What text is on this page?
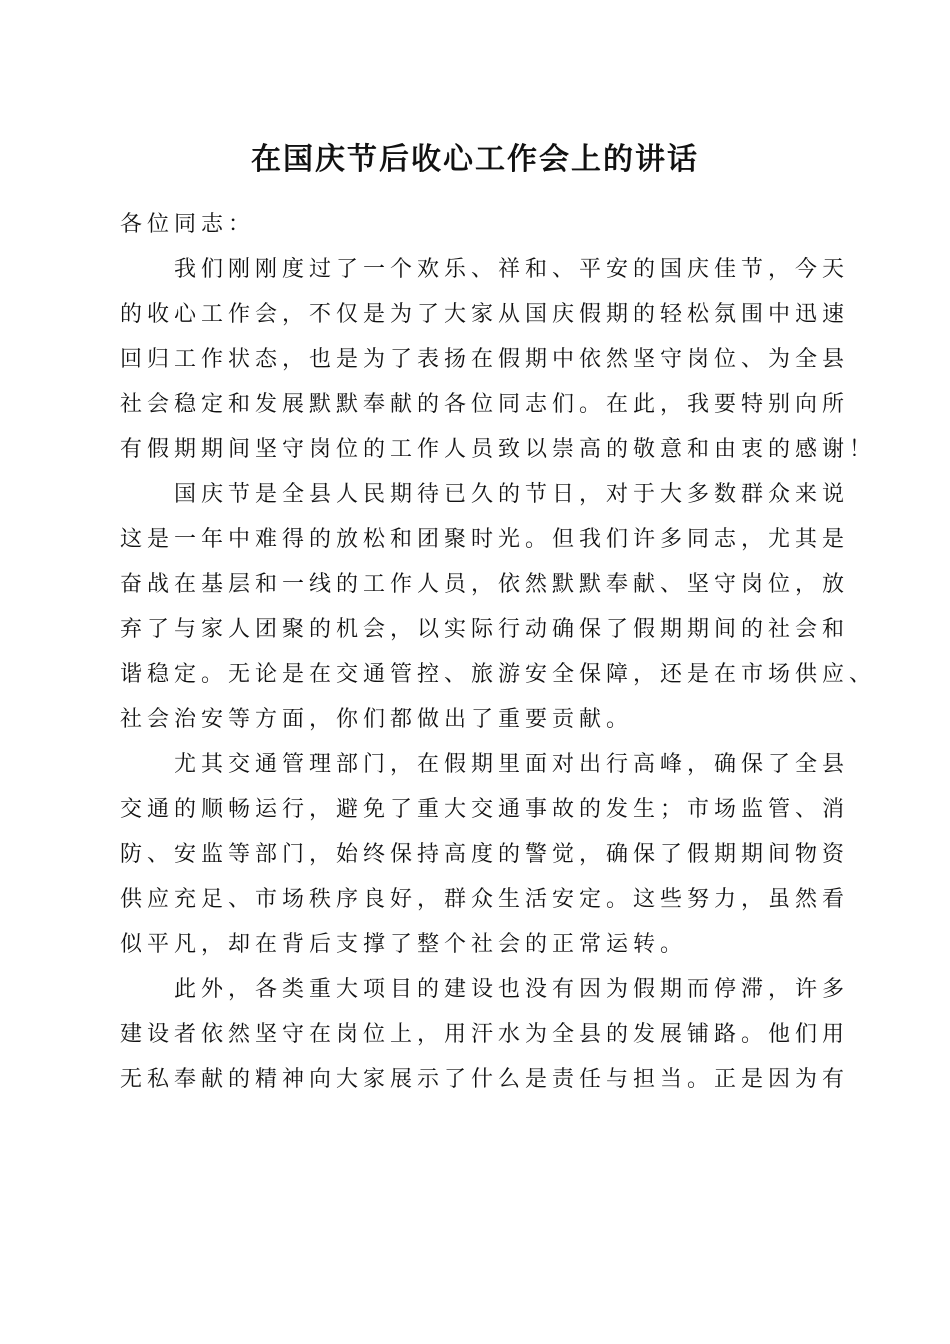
在国庆节后收心工作会上的讲话
各位同志：
我们刚刚度过了一个欢乐、祥和、平安的国庆佳节，今天
的收心工作会，不仅是为了大家从国庆假期的轻松氛围中迅速
回归工作状态，也是为了表扬在假期中依然坚守岗位、为全县
社会稳定和发展默默奉献的各位同志们。在此，我要特别向所
有假期期间坚守岗位的工作人员致以崇高的敬意和由衷的感谢！
国庆节是全县人民期待已久的节日，对于大多数群众来说
这是一年中难得的放松和团聚时光。但我们许多同志，尤其是
奋战在基层和一线的工作人员，依然默默奉献、坚守岗位，放
弃了与家人团聚的机会，以实际行动确保了假期期间的社会和
谐稳定。无论是在交通管控、旅游安全保障，还是在市场供应、
社会治安等方面，你们都做出了重要贡献。
尤其交通管理部门，在假期里面对出行高峰，确保了全县
交通的顺畅运行，避免了重大交通事故的发生；市场监管、消
防、安监等部门，始终保持高度的警觉，确保了假期期间物资
供应充足、市场秩序良好，群众生活安定。这些努力，虽然看
似平凡，却在背后支撑了整个社会的正常运转。
此外，各类重大项目的建设也没有因为假期而停滞，许多
建设者依然坚守在岗位上，用汗水为全县的发展铺路。他们用
无私奉献的精神向大家展示了什么是责任与担当。正是因为有
